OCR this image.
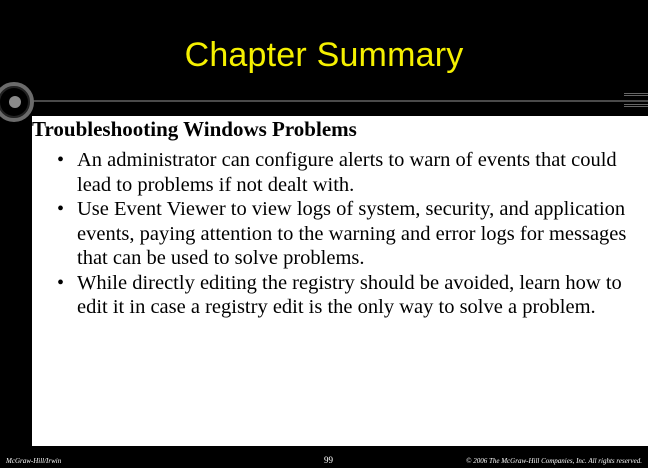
Chapter Summary
Troubleshooting Windows Problems
• An administrator can configure alerts to warn of events that could lead to problems if not dealt with.
• Use Event Viewer to view logs of system, security, and application events, paying attention to the warning and error logs for messages that can be used to solve problems.
• While directly editing the registry should be avoided, learn how to edit it in case a registry edit is the only way to solve a problem.
McGraw-Hill/Irwin	99	© 2006 The McGraw-Hill Companies, Inc. All rights reserved.
